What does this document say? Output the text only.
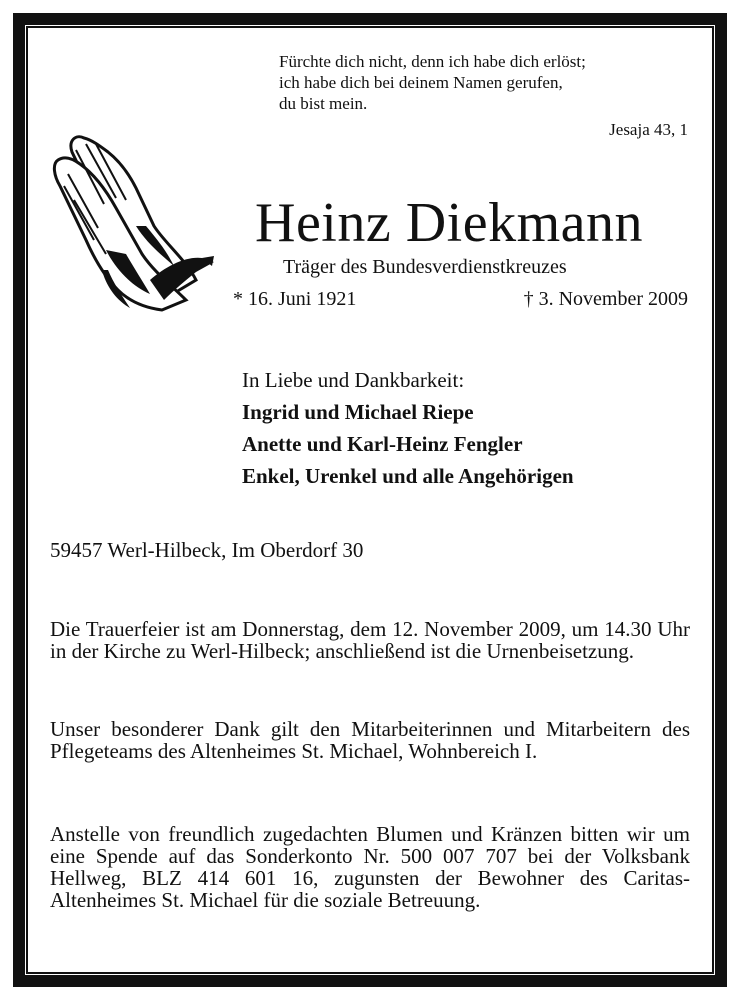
Fürchte dich nicht, denn ich habe dich erlöst;
ich habe dich bei deinem Namen gerufen,
du bist mein.
Jesaja 43, 1
Heinz Diekmann
Träger des Bundesverdienstkreuzes
* 16. Juni 1921	† 3. November 2009
In Liebe und Dankbarkeit:
Ingrid und Michael Riepe
Anette und Karl-Heinz Fengler
Enkel, Urenkel und alle Angehörigen
59457 Werl-Hilbeck, Im Oberdorf 30

Die Trauerfeier ist am Donnerstag, dem 12. November 2009, um 14.30 Uhr in der Kirche zu Werl-Hilbeck; anschließend ist die Urnenbeisetzung.

Unser besonderer Dank gilt den Mitarbeiterinnen und Mitarbeitern des Pflegeteams des Altenheimes St. Michael, Wohnbereich I.

Anstelle von freundlich zugedachten Blumen und Kränzen bitten wir um eine Spende auf das Sonderkonto Nr. 500 007 707 bei der Volksbank Hellweg, BLZ 414 601 16, zugunsten der Bewohner des Caritas-Altenheimes St. Michael für die soziale Betreuung.
